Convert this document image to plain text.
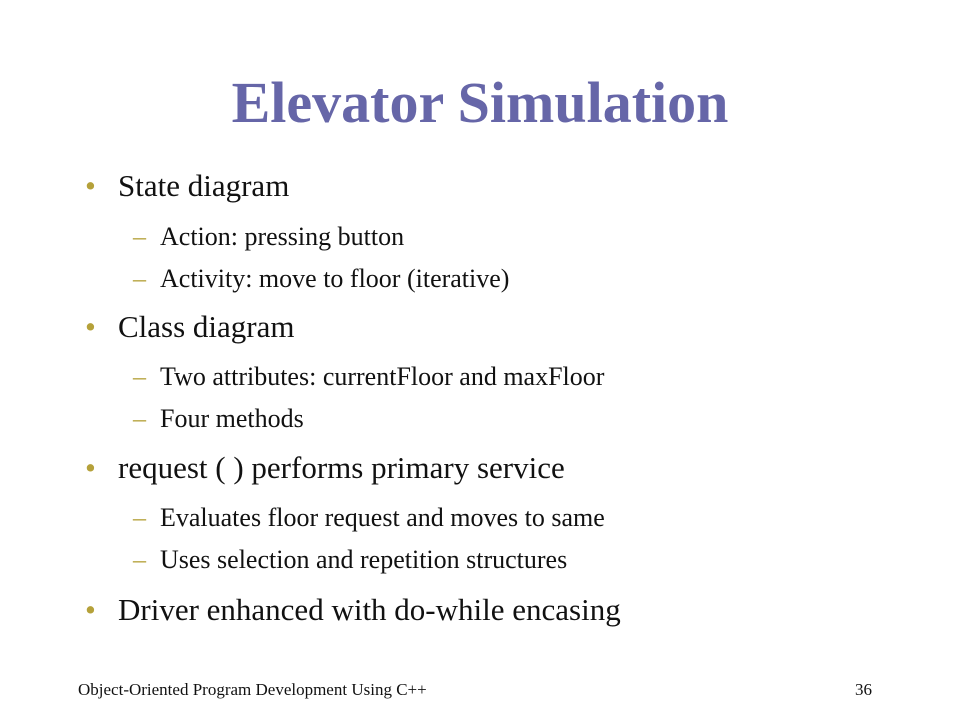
Elevator Simulation
• State diagram
– Action: pressing button
– Activity: move to floor (iterative)
• Class diagram
– Two attributes: currentFloor and maxFloor
– Four methods
• request ( ) performs primary service
– Evaluates floor request and moves to same
– Uses selection and repetition structures
• Driver enhanced with do-while encasing
Object-Oriented Program Development Using C++	36
